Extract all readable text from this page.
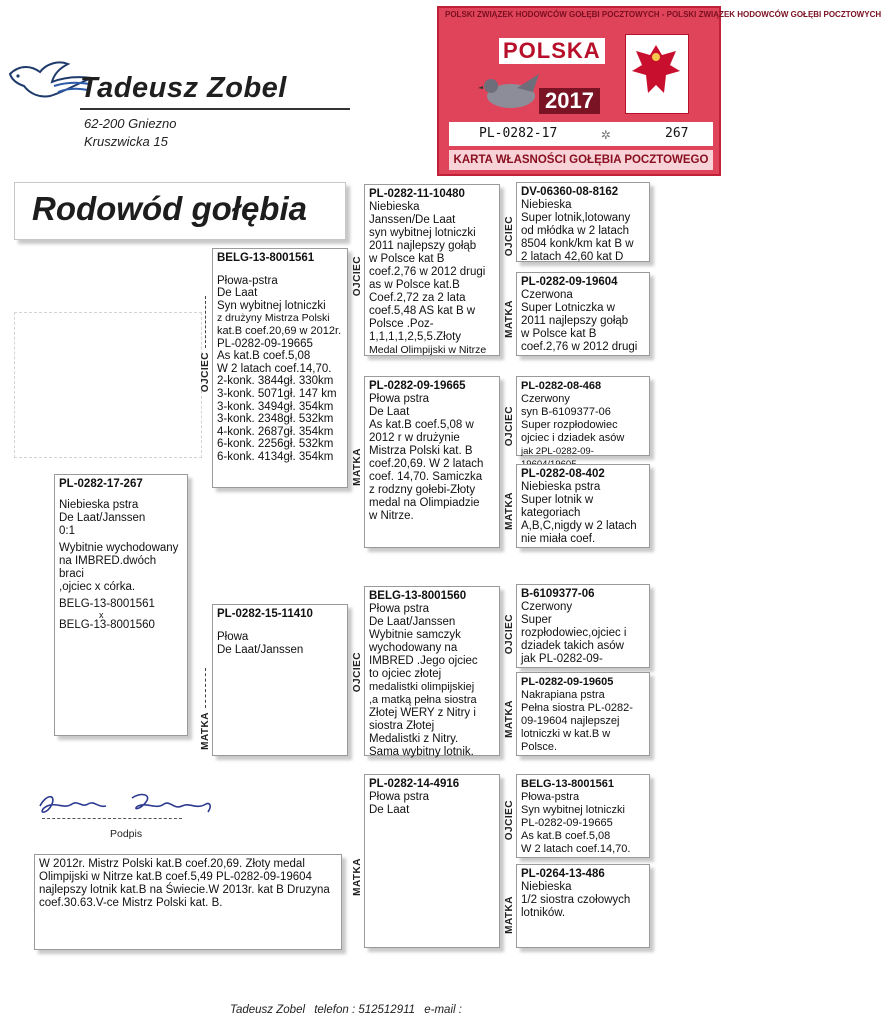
Tadeusz Zobel
62-200 Gniezno
Kruszwicka 15
POLSKI ZWIĄZEK HODOWCÓW GOŁĘBI POCZTOWYCH - POLSKI ZWIĄZEK HODOWCÓW GOŁĘBI POCZTOWYCH
POLSKA
2017
PL-0282-17	✲	267
KARTA WŁASNOŚCI GOŁĘBIA POCZTOWEGO
Rodowód gołębia
PL-0282-17-267
Niebieska pstra
De Laat/Janssen
0:1
Wybitnie wychodowany
na IMBRED.dwóch braci
,ojciec x córka.
BELG-13-8001561
x
BELG-13-8001560
BELG-13-8001561
Płowa-pstra
De Laat
Syn wybitnej lotniczki
z drużyny Mistrza Polski
kat.B coef.20,69 w 2012r.
PL-0282-09-19665
As kat.B coef.5,08
W 2 latach coef.14,70.
2-konk. 3844gł. 330km
3-konk. 5071gł. 147 km
3-konk. 3494gł. 354km
3-konk. 2348gł. 532km
4-konk. 2687gł. 354km
6-konk. 2256gł. 532km
6-konk. 4134gł. 354km
OJCIEC
PL-0282-15-11410
Płowa
De Laat/Janssen
MATKA
PL-0282-11-10480
Niebieska
Janssen/De Laat
syn wybitnej lotniczki
2011 najlepszy gołąb
w Polsce kat B
coef.2,76 w 2012 drugi
as w Polsce kat.B
Coef.2,72 za 2 lata
coef.5,48 AS kat B w
Polsce .Poz-
1,1,1,1,2,5,5.Złoty
Medal Olimpijski w Nitrze
OJCIEC
PL-0282-09-19665
Płowa pstra
De Laat
As kat.B coef.5,08 w
2012 r w drużynie
Mistrza Polski kat. B
coef.20,69. W 2 latach
coef. 14,70. Samiczka
z rodzny gołebi-Złoty
medal na Olimpiadzie
w Nitrze.
MATKA
BELG-13-8001560
Płowa pstra
De Laat/Janssen
Wybitnie samczyk
wychodowany na
IMBRED .Jego ojciec
to ojciec złotej
medalistki olimpijskiej
,a matką pełna siostra
Złotej WERY z Nitry i
siostra Złotej
Medalistki z Nitry.
Sama wybitny lotnik.
OJCIEC
PL-0282-14-4916
Płowa pstra
De Laat
MATKA
DV-06360-08-8162
Niebieska
Super lotnik,lotowany
od młódka w 2 latach
8504 konk/km kat B w
2 latach 42,60 kat D
OJCIEC
PL-0282-09-19604
Czerwona
Super Lotniczka w
2011 najlepszy gołąb
w Polsce kat B
coef.2,76 w 2012 drugi
MATKA
PL-0282-08-468
Czerwony
syn B-6109377-06
Super rozpłodowiec
ojciec i dziadek asów
jak 2PL-0282-09-
OJCIEC
PL-0282-08-402
Niebieska pstra
Super lotnik w
kategoriach
A,B,C,nigdy w 2 latach
nie miała coef.
MATKA
B-6109377-06
Czerwony
Super
rozpłodowiec,ojciec i
dziadek takich asów
jak PL-0282-09-
OJCIEC
PL-0282-09-19605
Nakrapiana pstra
Pełna siostra PL-0282-
09-19604 najlepszej
lotniczki w kat.B w
Polsce.
MATKA
BELG-13-8001561
Płowa-pstra
Syn wybitnej lotniczki
PL-0282-09-19665
As kat.B coef.5,08
W 2 latach coef.14,70.
OJCIEC
PL-0264-13-486
Niebieska
1/2 siostra czołowych
lotników.
MATKA
Podpis
W 2012r. Mistrz Polski kat.B coef.20,69. Złoty medal Olimpijski w Nitrze kat.B coef.5,49 PL-0282-09-19604 najlepszy lotnik kat.B na Świecie.W 2013r. kat B Druzyna coef.30.63.V-ce Mistrz Polski kat. B.
Tadeusz Zobel telefon : 512512911 e-mail :
